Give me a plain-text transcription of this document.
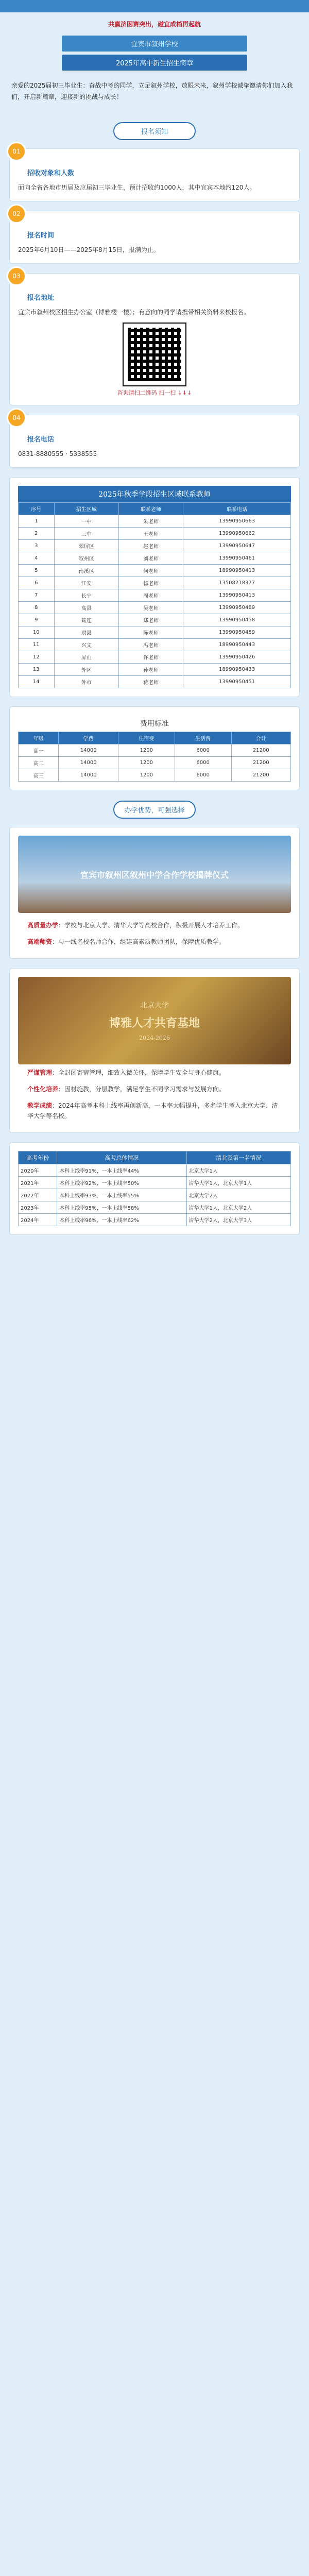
共赢济困赛突出，碰宜成梢再起航
宜宾市叙州学校
2025年高中新生招生简章
亲爱的2025届初三毕业生：奋战中考的同学，立足叙州学校，放眼未来，叙州学校诚挚邀请你们加入我们，开启新篇章，迎接新的挑战与成长！
报名须知
01
招收对象和人数

面向全省各地市历届及应届初三毕业生，预计招收约1000人，其中宜宾本地约120人。

02
报名时间

2025年6月10日——2025年8月15日，报满为止。

03
报名地址

宜宾市叙州校区招生办公室（博雅楼一楼）；有意向的同学请携带相关资料来校报名。

咨询请扫二维码 扫一扫 ↓↓↓
04
报名电话

0831-8880555 · 5338555

2025年秋季学段招生区域联系教师
序号	招生区域	联系老师	联系电话
1	一中	朱老师	13990950663
2	三中	王老师	13990950662
3	翠屏区	赵老师	13990950647
4	叙州区	刘老师	13990950461
5	南溪区	何老师	18990950413
6	江安	杨老师	13508218377
7	长宁	周老师	13990950413
8	高县	吴老师	13990950489
9	筠连	郑老师	13990950458
10	珙县	陈老师	13990950459
11	兴文	冯老师	18990950443
12	屏山	许老师	13990950426
13	外区	孙老师	18990950433
14	外市	蒋老师	13990950451
费用标准
年级	学费	住宿费	生活费	合计
高一	14000	1200	6000	21200
高二	14000	1200	6000	21200
高三	14000	1200	6000	21200
办学优势，可强选择
宜宾市叙州区叙州中学合作学校揭牌仪式
高质量办学：学校与北京大学、清华大学等高校合作，积极开展人才培养工作。
高端师资：与一线名校名师合作，组建高素质教师团队，保障优质教学。
北京大学
博雅人才共育基地
2024-2026
严谨管理：全封闭寄宿管理，细致入微关怀，保障学生安全与身心健康。
个性化培养：因材施教，分层教学，满足学生不同学习需求与发展方向。
教学成绩：2024年高考本科上线率再创新高，一本率大幅提升，多名学生考入北京大学、清华大学等名校。
高考年份	高考总体情况	清北及第一名情况
2020年	本科上线率91%，一本上线率44%	北京大学1人
2021年	本科上线率92%，一本上线率50%	清华大学1人，北京大学1人
2022年	本科上线率93%，一本上线率55%	北京大学2人
2023年	本科上线率95%，一本上线率58%	清华大学1人，北京大学2人
2024年	本科上线率96%，一本上线率62%	清华大学2人，北京大学3人
